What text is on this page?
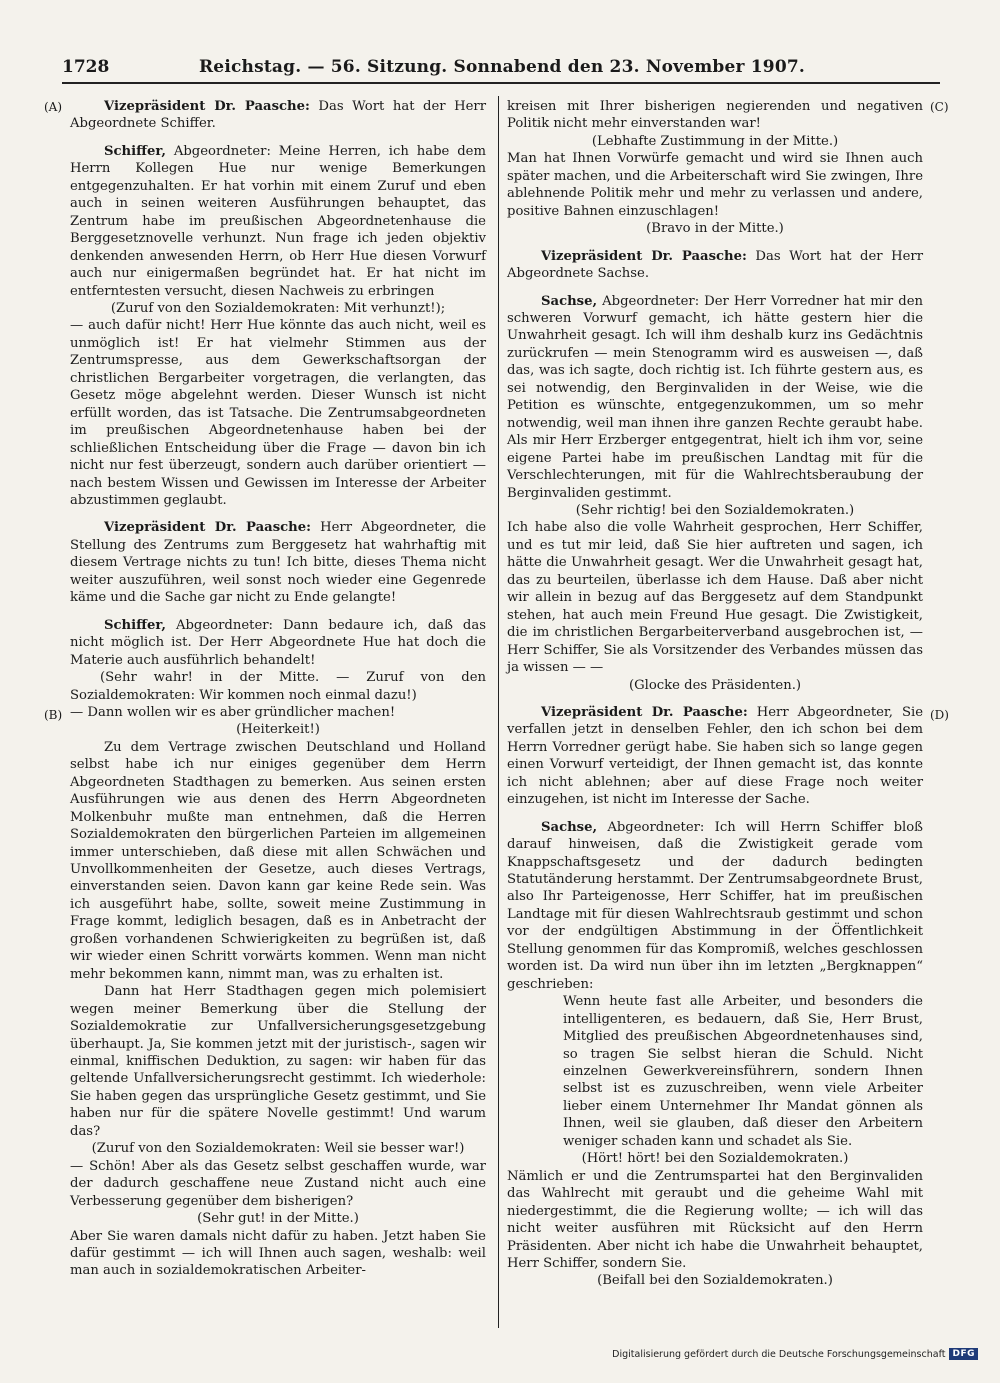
1728	Reichstag. — 56. Sitzung. Sonnabend den 23. November 1907.
(A)
(B)
(C)
(D)

Vizepräsident Dr. Paasche: Das Wort hat der Herr Abgeordnete Schiffer.

Schiffer, Abgeordneter: Meine Herren, ich habe dem Herrn Kollegen Hue nur wenige Bemerkungen entgegenzuhalten. Er hat vorhin mit einem Zuruf und eben auch in seinen weiteren Ausführungen behauptet, das Zentrum habe im preußischen Abgeordnetenhause die Berggesetznovelle verhunzt. Nun frage ich jeden objektiv denkenden anwesenden Herrn, ob Herr Hue diesen Vorwurf auch nur einigermaßen begründet hat. Er hat nicht im entferntesten versucht, diesen Nachweis zu erbringen

(Zuruf von den Sozialdemokraten: Mit verhunzt!);

— auch dafür nicht! Herr Hue könnte das auch nicht, weil es unmöglich ist! Er hat vielmehr Stimmen aus der Zentrumspresse, aus dem Gewerkschaftsorgan der christlichen Bergarbeiter vorgetragen, die verlangten, das Gesetz möge abgelehnt werden. Dieser Wunsch ist nicht erfüllt worden, das ist Tatsache. Die Zentrumsabgeordneten im preußischen Abgeordnetenhause haben bei der schließlichen Entscheidung über die Frage — davon bin ich nicht nur fest überzeugt, sondern auch darüber orientiert — nach bestem Wissen und Gewissen im Interesse der Arbeiter abzustimmen geglaubt.

Vizepräsident Dr. Paasche: Herr Abgeordneter, die Stellung des Zentrums zum Berggesetz hat wahrhaftig mit diesem Vertrage nichts zu tun! Ich bitte, dieses Thema nicht weiter auszuführen, weil sonst noch wieder eine Gegenrede käme und die Sache gar nicht zu Ende gelangte!

Schiffer, Abgeordneter: Dann bedaure ich, daß das nicht möglich ist. Der Herr Abgeordnete Hue hat doch die Materie auch ausführlich behandelt!

(Sehr wahr! in der Mitte. — Zuruf von den Sozialdemokraten: Wir kommen noch einmal dazu!)

— Dann wollen wir es aber gründlicher machen!

(Heiterkeit!)

Zu dem Vertrage zwischen Deutschland und Holland selbst habe ich nur einiges gegenüber dem Herrn Abgeordneten Stadthagen zu bemerken. Aus seinen ersten Ausführungen wie aus denen des Herrn Abgeordneten Molkenbuhr mußte man entnehmen, daß die Herren Sozialdemokraten den bürgerlichen Parteien im allgemeinen immer unterschieben, daß diese mit allen Schwächen und Unvollkommenheiten der Gesetze, auch dieses Vertrags, einverstanden seien. Davon kann gar keine Rede sein. Was ich ausgeführt habe, sollte, soweit meine Zustimmung in Frage kommt, lediglich besagen, daß es in Anbetracht der großen vorhandenen Schwierigkeiten zu begrüßen ist, daß wir wieder einen Schritt vorwärts kommen. Wenn man nicht mehr bekommen kann, nimmt man, was zu erhalten ist.

Dann hat Herr Stadthagen gegen mich polemisiert wegen meiner Bemerkung über die Stellung der Sozialdemokratie zur Unfallversicherungsgesetzgebung überhaupt. Ja, Sie kommen jetzt mit der juristisch-, sagen wir einmal, kniffischen Deduktion, zu sagen: wir haben für das geltende Unfallversicherungsrecht gestimmt. Ich wiederhole: Sie haben gegen das ursprüngliche Gesetz gestimmt, und Sie haben nur für die spätere Novelle gestimmt! Und warum das?

(Zuruf von den Sozialdemokraten: Weil sie besser war!)

— Schön! Aber als das Gesetz selbst geschaffen wurde, war der dadurch geschaffene neue Zustand nicht auch eine Verbesserung gegenüber dem bisherigen?

(Sehr gut! in der Mitte.)

Aber Sie waren damals nicht dafür zu haben. Jetzt haben Sie dafür gestimmt — ich will Ihnen auch sagen, weshalb: weil man auch in sozialdemokratischen Arbeiter-

kreisen mit Ihrer bisherigen negierenden und negativen Politik nicht mehr einverstanden war!

(Lebhafte Zustimmung in der Mitte.)

Man hat Ihnen Vorwürfe gemacht und wird sie Ihnen auch später machen, und die Arbeiterschaft wird Sie zwingen, Ihre ablehnende Politik mehr und mehr zu verlassen und andere, positive Bahnen einzuschlagen!

(Bravo in der Mitte.)

Vizepräsident Dr. Paasche: Das Wort hat der Herr Abgeordnete Sachse.

Sachse, Abgeordneter: Der Herr Vorredner hat mir den schweren Vorwurf gemacht, ich hätte gestern hier die Unwahrheit gesagt. Ich will ihm deshalb kurz ins Gedächtnis zurückrufen — mein Stenogramm wird es ausweisen —, daß das, was ich sagte, doch richtig ist. Ich führte gestern aus, es sei notwendig, den Berginvaliden in der Weise, wie die Petition es wünschte, entgegenzukommen, um so mehr notwendig, weil man ihnen ihre ganzen Rechte geraubt habe. Als mir Herr Erzberger entgegentrat, hielt ich ihm vor, seine eigene Partei habe im preußischen Landtag mit für die Verschlechterungen, mit für die Wahlrechtsberaubung der Berginvaliden gestimmt.

(Sehr richtig! bei den Sozialdemokraten.)

Ich habe also die volle Wahrheit gesprochen, Herr Schiffer, und es tut mir leid, daß Sie hier auftreten und sagen, ich hätte die Unwahrheit gesagt. Wer die Unwahrheit gesagt hat, das zu beurteilen, überlasse ich dem Hause. Daß aber nicht wir allein in bezug auf das Berggesetz auf dem Standpunkt stehen, hat auch mein Freund Hue gesagt. Die Zwistigkeit, die im christlichen Bergarbeiterverband ausgebrochen ist, — Herr Schiffer, Sie als Vorsitzender des Verbandes müssen das ja wissen — —

(Glocke des Präsidenten.)

Vizepräsident Dr. Paasche: Herr Abgeordneter, Sie verfallen jetzt in denselben Fehler, den ich schon bei dem Herrn Vorredner gerügt habe. Sie haben sich so lange gegen einen Vorwurf verteidigt, der Ihnen gemacht ist, das konnte ich nicht ablehnen; aber auf diese Frage noch weiter einzugehen, ist nicht im Interesse der Sache.

Sachse, Abgeordneter: Ich will Herrn Schiffer bloß darauf hinweisen, daß die Zwistigkeit gerade vom Knappschaftsgesetz und der dadurch bedingten Statutänderung herstammt. Der Zentrumsabgeordnete Brust, also Ihr Parteigenosse, Herr Schiffer, hat im preußischen Landtage mit für diesen Wahlrechtsraub gestimmt und schon vor der endgültigen Abstimmung in der Öffentlichkeit Stellung genommen für das Kompromiß, welches geschlossen worden ist. Da wird nun über ihn im letzten „Bergknappen“ geschrieben:

Wenn heute fast alle Arbeiter, und besonders die intelligenteren, es bedauern, daß Sie, Herr Brust, Mitglied des preußischen Abgeordnetenhauses sind, so tragen Sie selbst hieran die Schuld. Nicht einzelnen Gewerkvereinsführern, sondern Ihnen selbst ist es zuzuschreiben, wenn viele Arbeiter lieber einem Unternehmer Ihr Mandat gönnen als Ihnen, weil sie glauben, daß dieser den Arbeitern weniger schaden kann und schadet als Sie.

(Hört! hört! bei den Sozialdemokraten.)

Nämlich er und die Zentrumspartei hat den Berginvaliden das Wahlrecht mit geraubt und die geheime Wahl mit niedergestimmt, die die Regierung wollte; — ich will das nicht weiter ausführen mit Rücksicht auf den Herrn Präsidenten. Aber nicht ich habe die Unwahrheit behauptet, Herr Schiffer, sondern Sie.

(Beifall bei den Sozialdemokraten.)

Digitalisierung gefördert durch die Deutsche Forschungsgemeinschaft DFG
